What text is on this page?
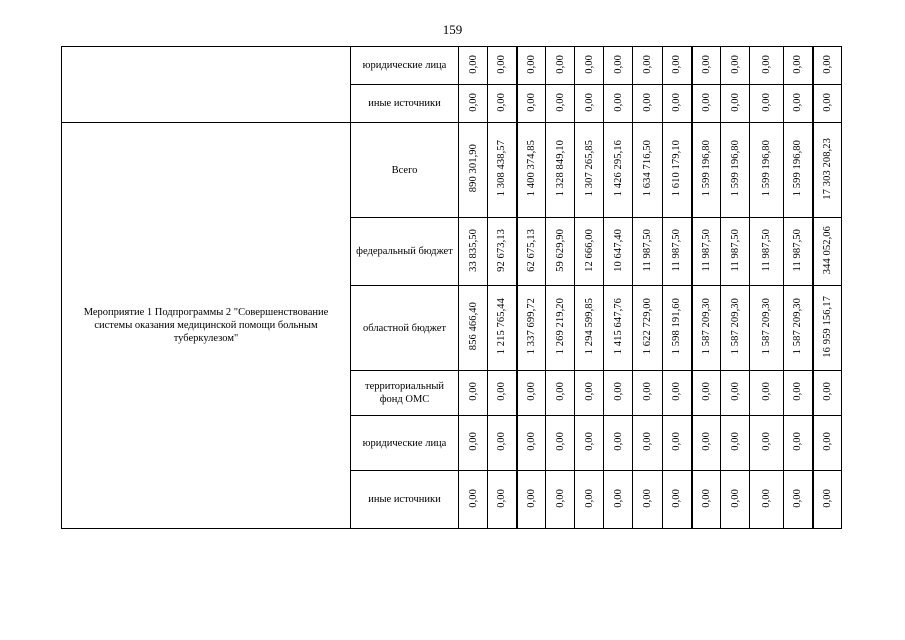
159
	юридические лица	0,00	0,00	0,00	0,00	0,00	0,00	0,00	0,00	0,00	0,00	0,00	0,00	0,00
	иные источники	0,00	0,00	0,00	0,00	0,00	0,00	0,00	0,00	0,00	0,00	0,00	0,00	0,00
Мероприятие 1 Подпрограммы 2 "Совершенствование системы оказания медицинской помощи больным туберкулезом"	Всего	890 301,90	1 308 438,57	1 400 374,85	1 328 849,10	1 307 265,85	1 426 295,16	1 634 716,50	1 610 179,10	1 599 196,80	1 599 196,80	1 599 196,80	1 599 196,80	17 303 208,23
	федеральный бюджет	33 835,50	92 673,13	62 675,13	59 629,90	12 666,00	10 647,40	11 987,50	11 987,50	11 987,50	11 987,50	11 987,50	11 987,50	344 052,06
	областной бюджет	856 466,40	1 215 765,44	1 337 699,72	1 269 219,20	1 294 599,85	1 415 647,76	1 622 729,00	1 598 191,60	1 587 209,30	1 587 209,30	1 587 209,30	1 587 209,30	16 959 156,17
	территориальный фонд ОМС	0,00	0,00	0,00	0,00	0,00	0,00	0,00	0,00	0,00	0,00	0,00	0,00	0,00
	юридические лица	0,00	0,00	0,00	0,00	0,00	0,00	0,00	0,00	0,00	0,00	0,00	0,00	0,00
	иные источники	0,00	0,00	0,00	0,00	0,00	0,00	0,00	0,00	0,00	0,00	0,00	0,00	0,00
